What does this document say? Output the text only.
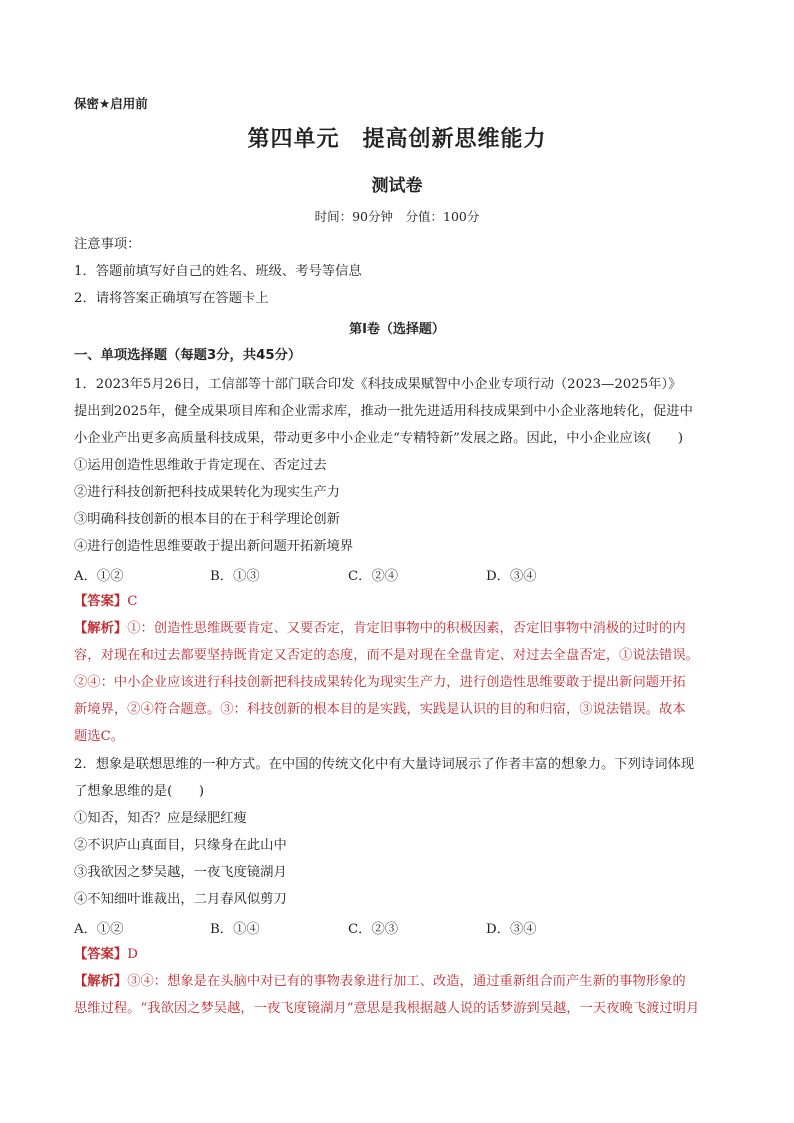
保密★启用前
第四单元　提高创新思维能力
测试卷
时间：90分钟　分值：100分
注意事项：
1．答题前填写好自己的姓名、班级、考号等信息
2．请将答案正确填写在答题卡上
第Ⅰ卷（选择题）
一、单项选择题（每题3分，共45分）
1．2023年5月26日，工信部等十部门联合印发《科技成果赋智中小企业专项行动（2023—2025年）》
提出到2025年，健全成果项目库和企业需求库，推动一批先进适用科技成果到中小企业落地转化，促进中
小企业产出更多高质量科技成果，带动更多中小企业走“专精特新”发展之路。因此，中小企业应该(　　)
①运用创造性思维敢于肯定现在、否定过去
②进行科技创新把科技成果转化为现实生产力
③明确科技创新的根本目的在于科学理论创新
④进行创造性思维要敢于提出新问题开拓新境界
A．①②	B．①③	C．②④	D．③④
【答案】C
【解析】①：创造性思维既要肯定、又要否定，肯定旧事物中的积极因素，否定旧事物中消极的过时的内
容，对现在和过去都要坚持既肯定又否定的态度，而不是对现在全盘肯定、对过去全盘否定，①说法错误。
②④：中小企业应该进行科技创新把科技成果转化为现实生产力，进行创造性思维要敢于提出新问题开拓
新境界，②④符合题意。③：科技创新的根本目的是实践，实践是认识的目的和归宿，③说法错误。故本
题选C。
2．想象是联想思维的一种方式。在中国的传统文化中有大量诗词展示了作者丰富的想象力。下列诗词体现
了想象思维的是(　　)
①知否，知否？应是绿肥红瘦
②不识庐山真面目，只缘身在此山中
③我欲因之梦吴越，一夜飞度镜湖月
④不知细叶谁裁出，二月春风似剪刀
A．①②	B．①④	C．②③	D．③④
【答案】D
【解析】③④：想象是在头脑中对已有的事物表象进行加工、改造，通过重新组合而产生新的事物形象的
思维过程。“我欲因之梦吴越，一夜飞度镜湖月”意思是我根据越人说的话梦游到吴越，一天夜晚飞渡过明月
